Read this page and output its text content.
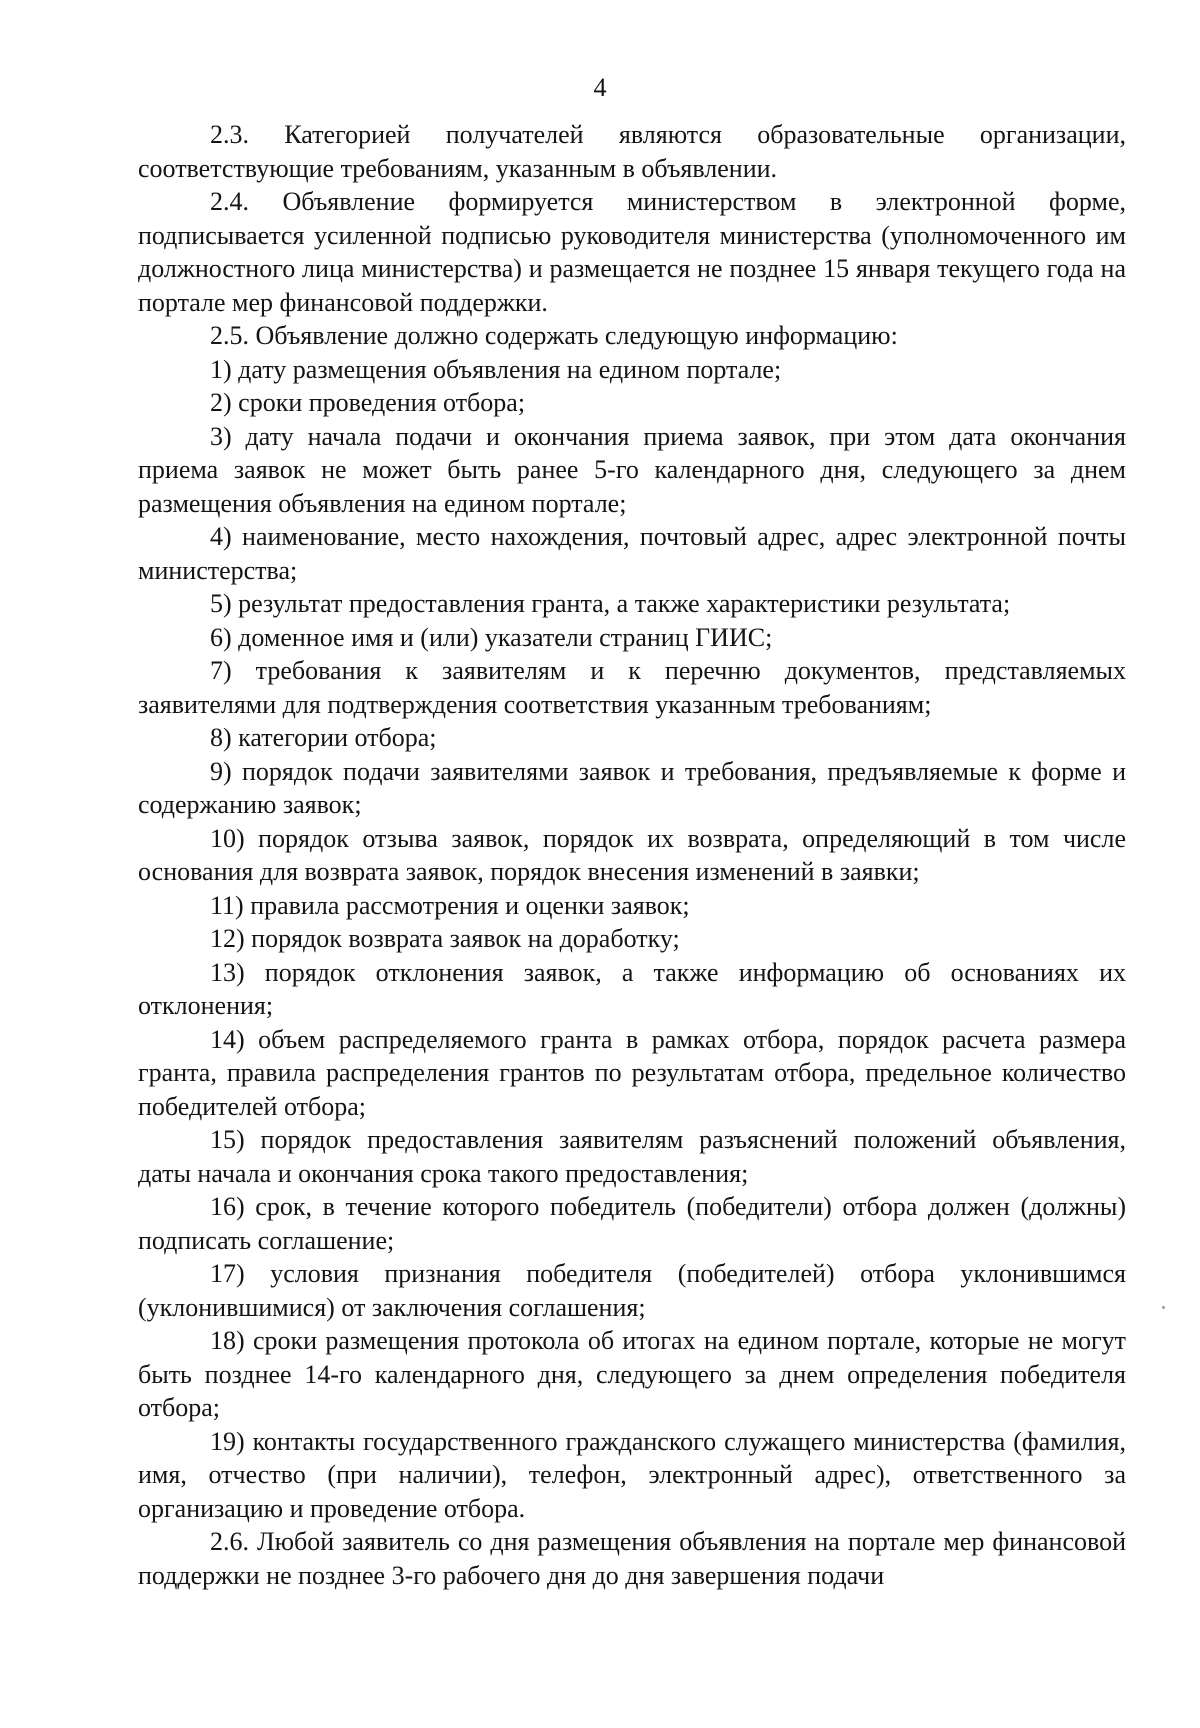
4

2.3. Категорией получателей являются образовательные организации, соответствующие требованиям, указанным в объявлении.

2.4. Объявление формируется министерством в электронной форме, подписывается усиленной подписью руководителя министерства (уполномоченного им должностного лица министерства) и размещается не позднее 15 января текущего года на портале мер финансовой поддержки.

2.5. Объявление должно содержать следующую информацию:

1) дату размещения объявления на едином портале;

2) сроки проведения отбора;

3) дату начала подачи и окончания приема заявок, при этом дата окончания приема заявок не может быть ранее 5-го календарного дня, следующего за днем размещения объявления на едином портале;

4) наименование, место нахождения, почтовый адрес, адрес электронной почты министерства;

5) результат предоставления гранта, а также характеристики результата;

6) доменное имя и (или) указатели страниц ГИИС;

7) требования к заявителям и к перечню документов, представляемых заявителями для подтверждения соответствия указанным требованиям;

8) категории отбора;

9) порядок подачи заявителями заявок и требования, предъявляемые к форме и содержанию заявок;

10) порядок отзыва заявок, порядок их возврата, определяющий в том числе основания для возврата заявок, порядок внесения изменений в заявки;

11) правила рассмотрения и оценки заявок;

12) порядок возврата заявок на доработку;

13) порядок отклонения заявок, а также информацию об основаниях их отклонения;

14) объем распределяемого гранта в рамках отбора, порядок расчета размера гранта, правила распределения грантов по результатам отбора, предельное количество победителей отбора;

15) порядок предоставления заявителям разъяснений положений объявления, даты начала и окончания срока такого предоставления;

16) срок, в течение которого победитель (победители) отбора должен (должны) подписать соглашение;

17) условия признания победителя (победителей) отбора уклонившимся (уклонившимися) от заключения соглашения;

18) сроки размещения протокола об итогах на едином портале, которые не могут быть позднее 14-го календарного дня, следующего за днем определения победителя отбора;

19) контакты государственного гражданского служащего министерства (фамилия, имя, отчество (при наличии), телефон, электронный адрес), ответственного за организацию и проведение отбора.

2.6. Любой заявитель со дня размещения объявления на портале мер финансовой поддержки не позднее 3-го рабочего дня до дня завершения подачи
